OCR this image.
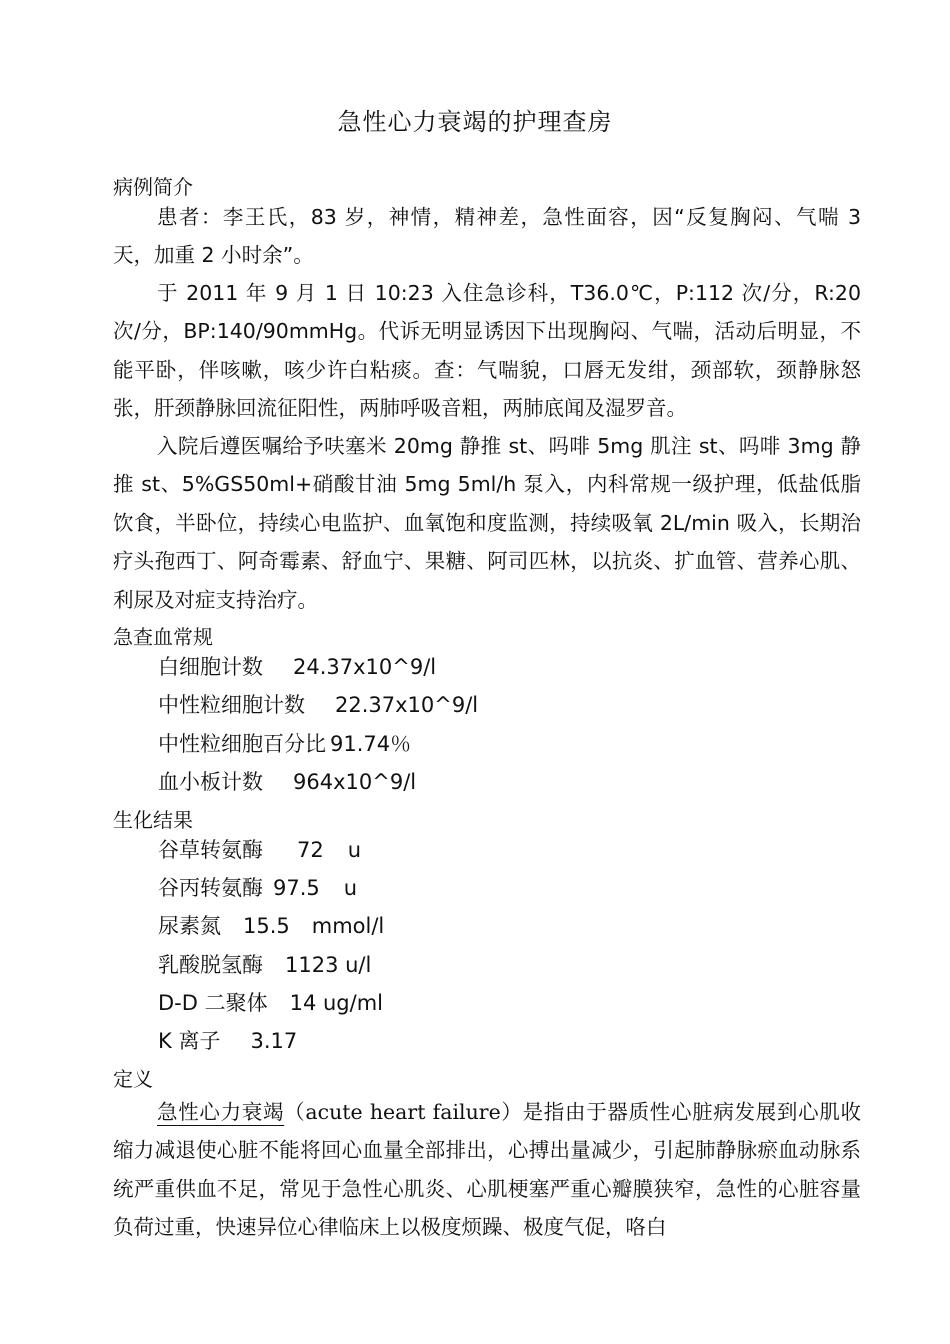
急性心力衰竭的护理查房
病例简介
患者：李王氏，83 岁，神情，精神差，急性面容，因“反复胸闷、气喘 3 天，加重 2 小时余”。
于 2011 年 9 月 1 日 10:23 入住急诊科，T36.0℃，P:112 次/分，R:20 次/分，BP:140/90mmHg。代诉无明显诱因下出现胸闷、气喘，活动后明显，不能平卧，伴咳嗽，咳少许白粘痰。查：气喘貌，口唇无发绀，颈部软，颈静脉怒张，肝颈静脉回流征阳性，两肺呼吸音粗，两肺底闻及湿罗音。
入院后遵医嘱给予呋塞米 20mg 静推 st、吗啡 5mg 肌注 st、吗啡 3mg 静推 st、5%GS50ml+硝酸甘油 5mg 5ml/h 泵入，内科常规一级护理，低盐低脂饮食，半卧位，持续心电监护、血氧饱和度监测，持续吸氧 2L/min 吸入，长期治疗头孢西丁、阿奇霉素、舒血宁、果糖、阿司匹林，以抗炎、扩血管、营养心肌、利尿及对症支持治疗。
急查血常规
白细胞计数 24.37x10^9/l
中性粒细胞计数 22.37x10^9/l
中性粒细胞百分比 91.74％
血小板计数 964x10^9/l
生化结果
谷草转氨酶 72 u
谷丙转氨酶 97.5 u
尿素氮 15.5 mmol/l
乳酸脱氢酶 1123 u/l
D-D 二聚体 14 ug/ml
K 离子 3.17
定义
急性心力衰竭（acute heart failure）是指由于器质性心脏病发展到心肌收缩力减退使心脏不能将回心血量全部排出，心搏出量减少，引起肺静脉瘀血动脉系统严重供血不足，常见于急性心肌炎、心肌梗塞严重心瓣膜狭窄，急性的心脏容量负荷过重，快速异位心律临床上以极度烦躁、极度气促，咯白
